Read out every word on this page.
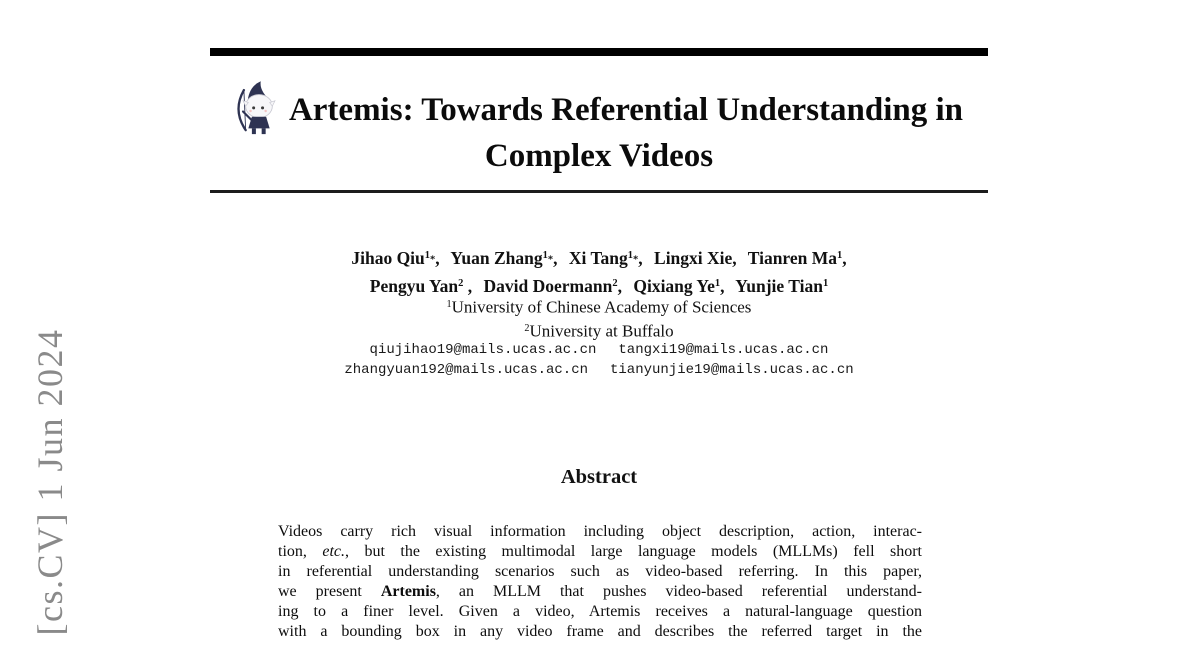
[cs.CV] 1 Jun 2024
Artemis: Towards Referential Understanding in
Complex Videos
Jihao Qiu$^1$*, Yuan Zhang$^1$*, Xi Tang$^1$*, Lingxi Xie, Tianren Ma$^1$,
Pengyu Yan$^2$ , David Doermann$^2$, Qixiang Ye$^1$, Yunjie Tian$^1$
$^1$University of Chinese Academy of Sciences
$^2$University at Buffalo
qiujihao19@mails.ucas.ac.cn tangxi19@mails.ucas.ac.cn
zhangyuan192@mails.ucas.ac.cn tianyunjie19@mails.ucas.ac.cn
Abstract
Videos carry rich visual information including object description, action, interac-
tion, etc., but the existing multimodal large language models (MLLMs) fell short
in referential understanding scenarios such as video-based referring. In this paper,
we present Artemis, an MLLM that pushes video-based referential understand-
ing to a finer level. Given a video, Artemis receives a natural-language question
with a bounding box in any video frame and describes the referred target in the
